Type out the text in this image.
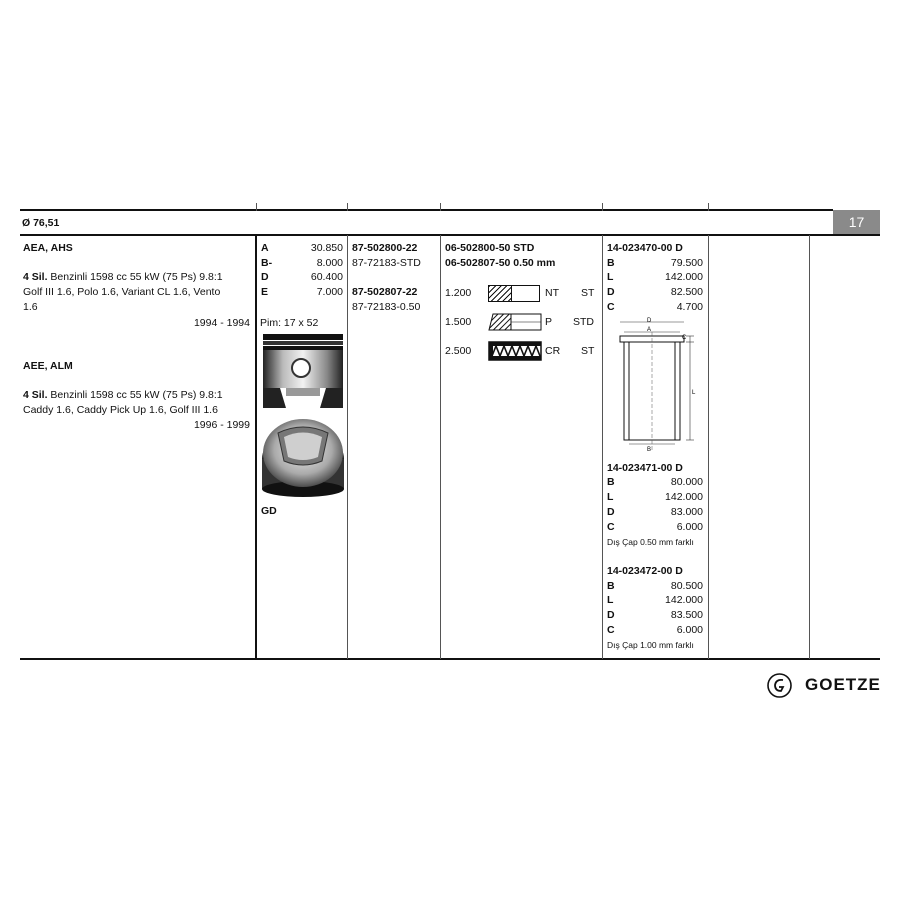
Ø 76,51	17
AEA, AHS
4 Sil. Benzinli 1598 cc 55 kW (75 Ps) 9.8:1
Golf III 1.6, Polo 1.6, Variant CL 1.6, Vento
1.6
1994 - 1994
AEE, ALM
4 Sil. Benzinli 1598 cc 55 kW (75 Ps) 9.8:1
Caddy 1.6, Caddy Pick Up 1.6, Golf III 1.6
1996 - 1999
A	30.850
B-	8.000
D	60.400
E	7.000
Pim: 17 x 52
GD
87-502800-22
87-72183-STD
87-502807-22
87-72183-0.50
06-502800-50 STD
06-502807-50 0.50 mm
1.200	NT ST
1.500	P STD
2.500	CR ST
14-023470-00 D
B	79.500
L	142.000
D	82.500
C	4.700
D
A
C
L
B
14-023471-00 D
B	80.000
L	142.000
D	83.000
C	6.000
Dış Çap 0.50 mm farklı
14-023472-00 D
B	80.500
L	142.000
D	83.500
C	6.000
Dış Çap 1.00 mm farklı
GOETZE
